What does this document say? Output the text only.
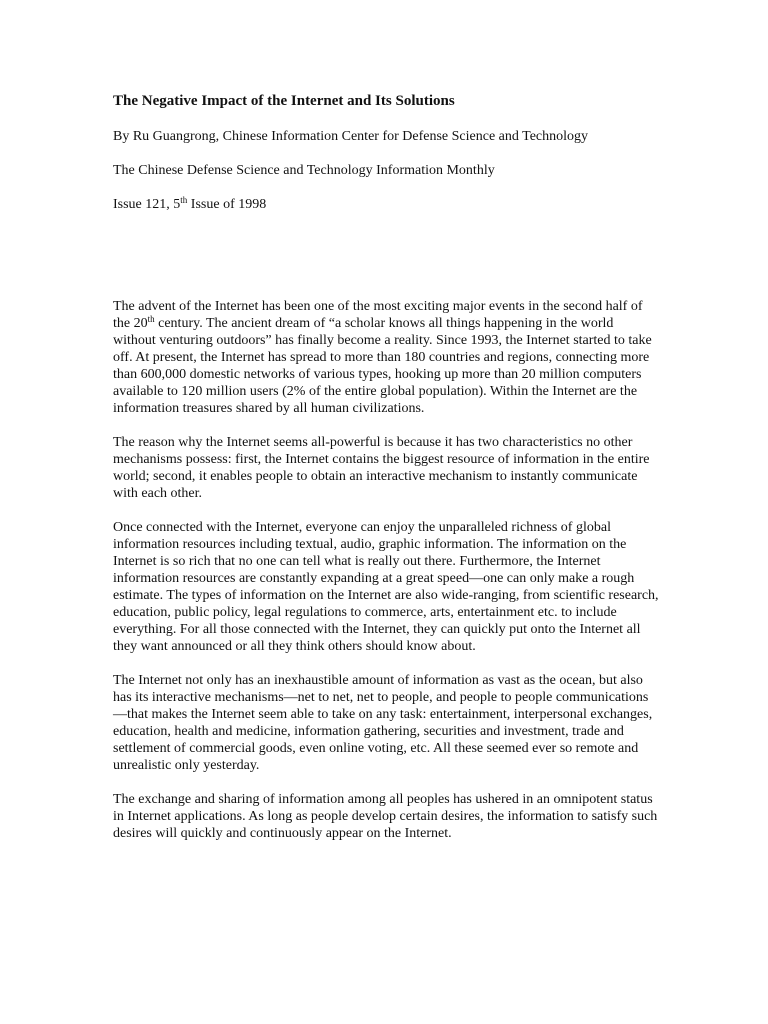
The Negative Impact of the Internet and Its Solutions

By Ru Guangrong, Chinese Information Center for Defense Science and Technology

The Chinese Defense Science and Technology Information Monthly

Issue 121, 5th Issue of 1998

The advent of the Internet has been one of the most exciting major events in the second half of the 20th century. The ancient dream of “a scholar knows all things happening in the world without venturing outdoors” has finally become a reality. Since 1993, the Internet started to take off. At present, the Internet has spread to more than 180 countries and regions, connecting more than 600,000 domestic networks of various types, hooking up more than 20 million computers available to 120 million users (2% of the entire global population). Within the Internet are the information treasures shared by all human civilizations.

The reason why the Internet seems all-powerful is because it has two characteristics no other mechanisms possess: first, the Internet contains the biggest resource of information in the entire world; second, it enables people to obtain an interactive mechanism to instantly communicate with each other.

Once connected with the Internet, everyone can enjoy the unparalleled richness of global information resources including textual, audio, graphic information. The information on the Internet is so rich that no one can tell what is really out there. Furthermore, the Internet information resources are constantly expanding at a great speed—one can only make a rough estimate. The types of information on the Internet are also wide-ranging, from scientific research, education, public policy, legal regulations to commerce, arts, entertainment etc. to include everything. For all those connected with the Internet, they can quickly put onto the Internet all they want announced or all they think others should know about.

The Internet not only has an inexhaustible amount of information as vast as the ocean, but also has its interactive mechanisms—net to net, net to people, and people to people communications—that makes the Internet seem able to take on any task: entertainment, interpersonal exchanges, education, health and medicine, information gathering, securities and investment, trade and settlement of commercial goods, even online voting, etc. All these seemed ever so remote and unrealistic only yesterday.

The exchange and sharing of information among all peoples has ushered in an omnipotent status in Internet applications. As long as people develop certain desires, the information to satisfy such desires will quickly and continuously appear on the Internet.
